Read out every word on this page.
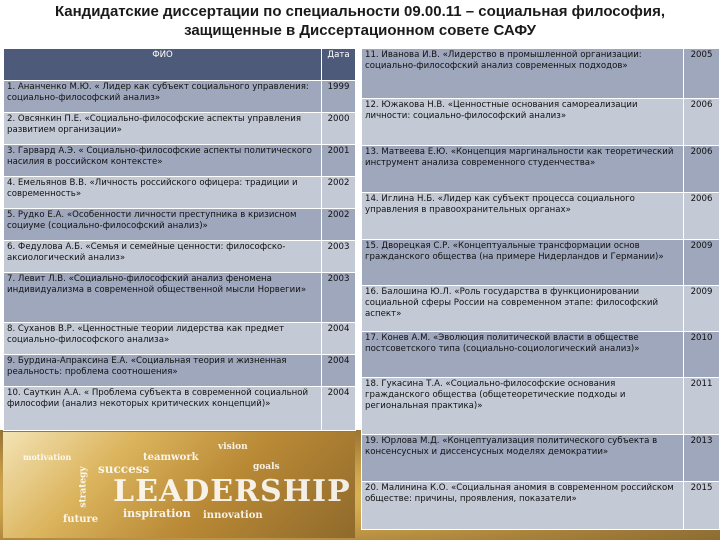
Кандидатские диссертации по специальности 09.00.11 – социальная философия,
защищенные в Диссертационном совете САФУ
ФИО	Дата
1. Ананченко М.Ю. « Лидер как субъект социального управления: социально-философский анализ»	1999
2. Овсянкин П.Е. «Социально-философские аспекты управления развитием организации»	2000
3. Гарвард А.Э. « Социально-философские аспекты политического насилия в российском контексте»	2001
4. Емельянов В.В. «Личность российского офицера: традиции и современность»	2002
5. Рудко Е.А. «Особенности личности преступника в кризисном социуме (социально-философский анализ)»	2002
6. Федулова А.Б. «Семья и семейные ценности: философско-аксиологический анализ»	2003
7. Левит Л.В. «Социально-философский анализ феномена индивидуализма в современной общественной мысли Норвегии»	2003
8. Суханов В.Р. «Ценностные теории лидерства как предмет социально-философского анализа»	2004
9. Бурдина-Апраксина Е.А. «Социальная теория и жизненная реальность: проблема соотношения»	2004
10. Сауткин А.А. « Проблема субъекта в современной социальной философии (анализ некоторых критических концепций)»	2004
motivation	teamwork
vision
success	goals
LEADERSHIP
future inspiration innovation
strategy
11. Иванова И.В. «Лидерство в промышленной организации: социально-философский анализ современных подходов»	2005
12. Южакова Н.В. «Ценностные основания самореализации личности: социально-философский анализ»	2006
13. Матвеева Е.Ю. «Концепция маргинальности как теоретический инструмент анализа современного студенчества»	2006
14. Иглина Н.Б. «Лидер как субъект процесса социального управления в правоохранительных органах»	2006
15. Дворецкая С.Р. «Концептуальные трансформации основ гражданского общества (на примере Нидерландов и Германии)»	2009
16. Балошина Ю.Л. «Роль государства в функционировании социальной сферы России на современном этапе: философский аспект»	2009
17. Конев А.М. «Эволюция политической власти в обществе постсоветского типа (социально-социологический анализ)»	2010
18. Гукасина Т.А. «Социально-философские основания гражданского общества (общетеоретические подходы и региональная практика)»	2011
19. Юрлова М.Д. «Концептуализация политического субъекта в консенсусных и диссенсусных моделях демократии»	2013
20. Малинина К.О. «Социальная аномия в современном российском обществе: причины, проявления, показатели»	2015
